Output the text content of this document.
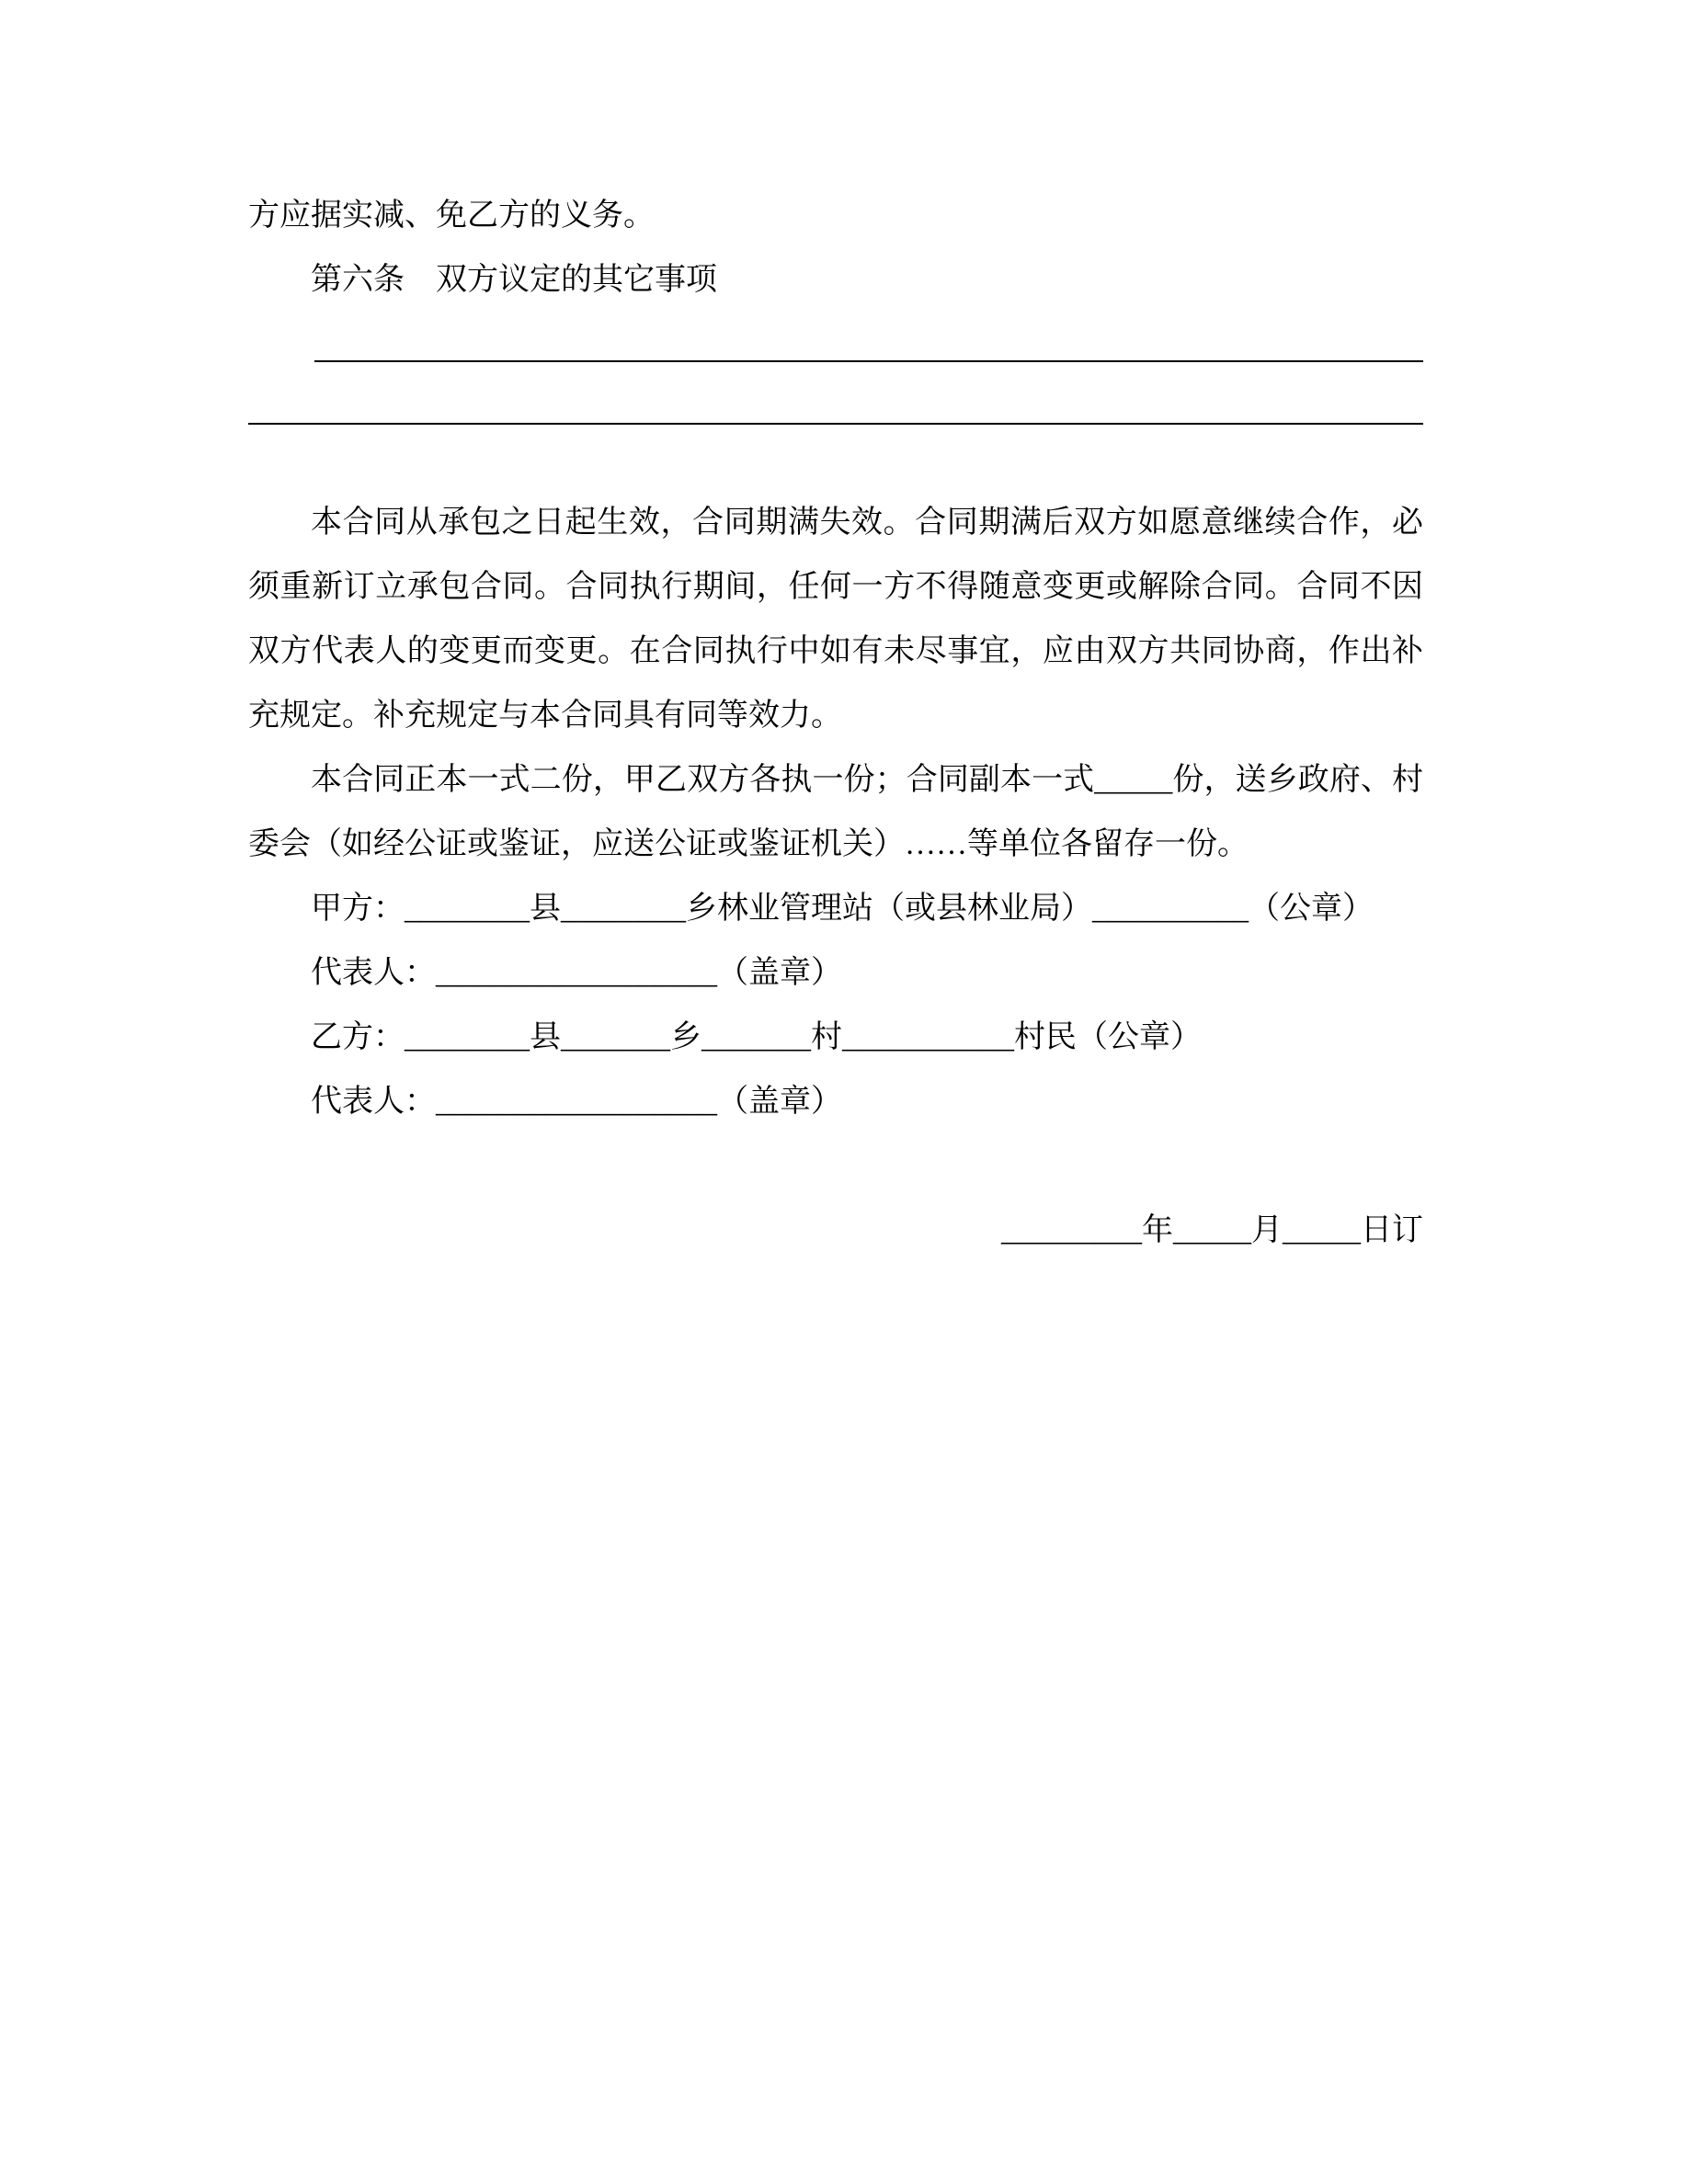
方应据实减、免乙方的义务。

第六条　双方议定的其它事项

本合同从承包之日起生效，合同期满失效。合同期满后双方如愿意继续合作，必须重新订立承包合同。合同执行期间，任何一方不得随意变更或解除合同。合同不因双方代表人的变更而变更。在合同执行中如有未尽事宜，应由双方共同协商，作出补充规定。补充规定与本合同具有同等效力。

本合同正本一式二份，甲乙双方各执一份；合同副本一式_____份，送乡政府、村委会（如经公证或鉴证，应送公证或鉴证机关）……等单位各留存一份。

甲方：________县________乡林业管理站（或县林业局）__________（公章）

代表人：__________________（盖章）

乙方：________县_______乡_______村___________村民（公章）

代表人：__________________（盖章）

_________年_____月_____日订
